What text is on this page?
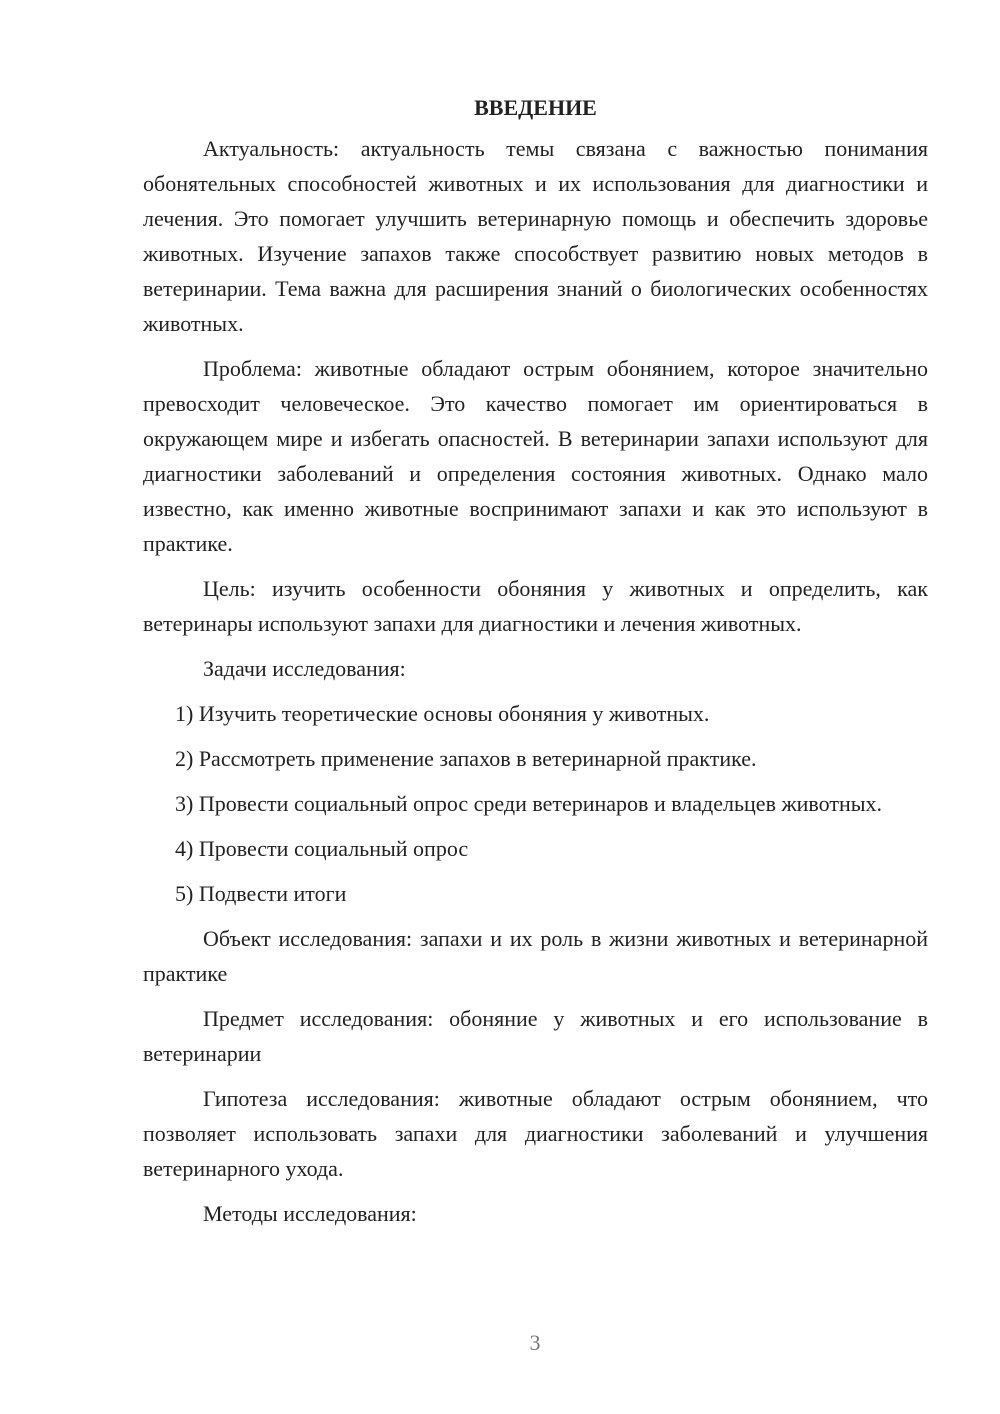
ВВЕДЕНИЕ

Актуальность: актуальность темы связана с важностью понимания обонятельных способностей животных и их использования для диагностики и лечения. Это помогает улучшить ветеринарную помощь и обеспечить здоровье животных. Изучение запахов также способствует развитию новых методов в ветеринарии. Тема важна для расширения знаний о биологических особенностях животных.

Проблема: животные обладают острым обонянием, которое значительно превосходит человеческое. Это качество помогает им ориентироваться в окружающем мире и избегать опасностей. В ветеринарии запахи используют для диагностики заболеваний и определения состояния животных. Однако мало известно, как именно животные воспринимают запахи и как это используют в практике.

Цель: изучить особенности обоняния у животных и определить, как ветеринары используют запахи для диагностики и лечения животных.

Задачи исследования:

1) Изучить теоретические основы обоняния у животных.

2) Рассмотреть применение запахов в ветеринарной практике.

3) Провести социальный опрос среди ветеринаров и владельцев животных.

4) Провести социальный опрос

5) Подвести итоги

Объект исследования: запахи и их роль в жизни животных и ветеринарной практике

Предмет исследования: обоняние у животных и его использование в ветеринарии

Гипотеза исследования: животные обладают острым обонянием, что позволяет использовать запахи для диагностики заболеваний и улучшения ветеринарного ухода.

Методы исследования:

3
